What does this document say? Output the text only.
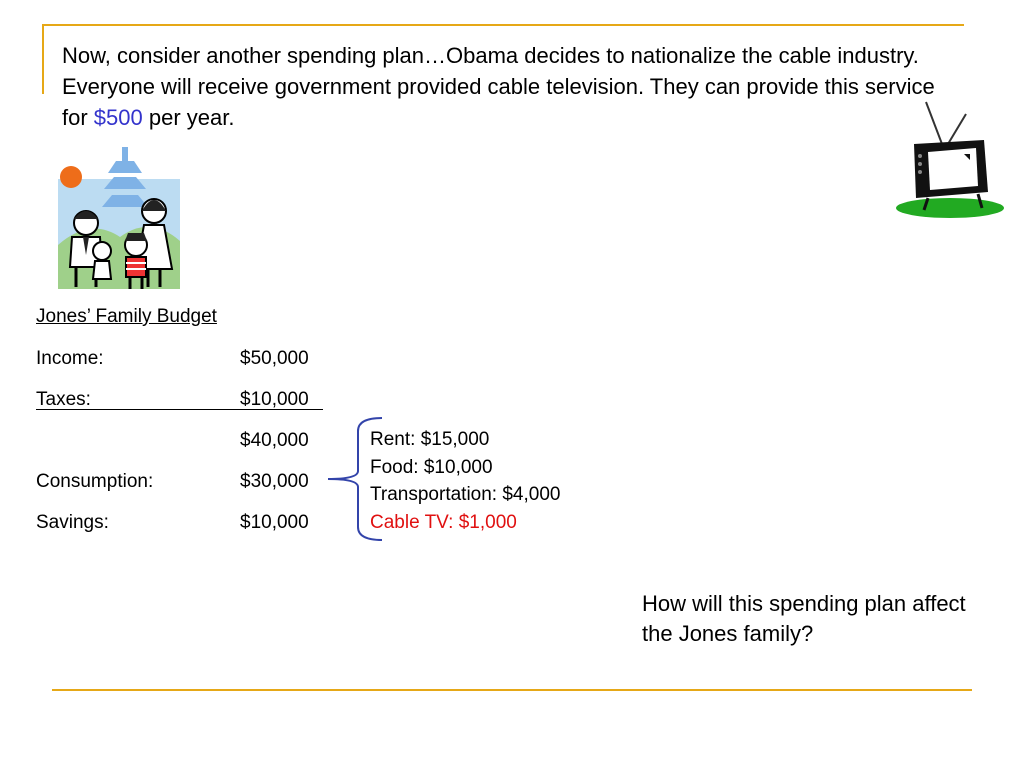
Now, consider another spending plan…Obama decides to nationalize the cable industry. Everyone will receive government provided cable television. They can provide this service for $500 per year.

Jones’ Family Budget
Income:	$50,000
Taxes:	$10,000
$40,000
Consumption:	$30,000
Savings:	$10,000
Rent: $15,000
Food: $10,000
Transportation: $4,000
Cable TV: $1,000
How will this spending plan affect the Jones family?
